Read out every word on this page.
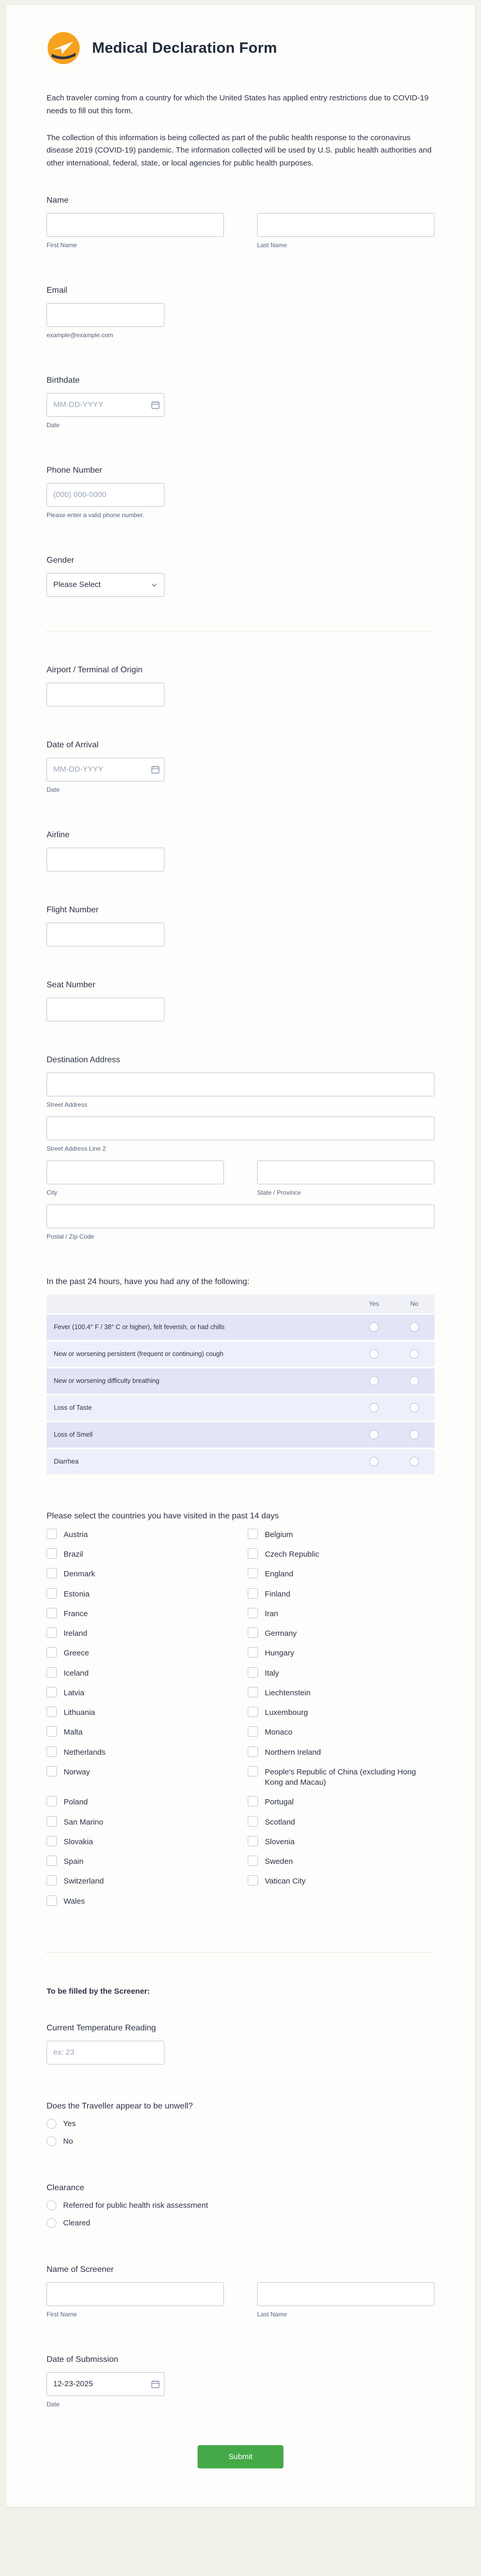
Medical Declaration Form

Each traveler coming from a country for which the United States has applied entry restrictions due to COVID-19 needs to fill out this form.

The collection of this information is being collected as part of the public health response to the coronavirus disease 2019 (COVID-19) pandemic. The information collected will be used by U.S. public health authorities and other international, federal, state, or local agencies for public health purposes.

Name
First Name	Last Name
Email
example@example.com
Birthdate
MM-DD-YYYY
Date
Phone Number
(000) 000-0000
Please enter a valid phone number.
Gender
Please Select
Airport / Terminal of Origin
Date of Arrival
MM-DD-YYYY
Date
Airline
Flight Number
Seat Number
Destination Address
Street Address
Street Address Line 2
City	State / Province
Postal / Zip Code
In the past 24 hours, have you had any of the following:
Yes	No
Fever (100.4° F / 38° C or higher), felt feverish, or had chills
New or worsening persistent (frequent or continuing) cough
New or worsening difficulty breathing
Loss of Taste
Loss of Smell
Diarrhea
Please select the countries you have visited in the past 14 days
Austria	Belgium
Brazil	Czech Republic
Denmark	England
Estonia	Finland
France	Iran
Ireland	Germany
Greece	Hungary
Iceland	Italy
Latvia	Liechtenstein
Lithuania	Luxembourg
Malta	Monaco
Netherlands	Northern Ireland
Norway	People's Republic of China (excluding Hong Kong and Macau)
Poland	Portugal
San Marino	Scotland
Slovakia	Slovenia
Spain	Sweden
Switzerland	Vatican City
Wales
To be filled by the Screener:
Current Temperature Reading
ex: 23
Does the Traveller appear to be unwell?
Yes
No
Clearance
Referred for public health risk assessment
Cleared
Name of Screener
First Name	Last Name
Date of Submission
12-23-2025
Date
Submit
